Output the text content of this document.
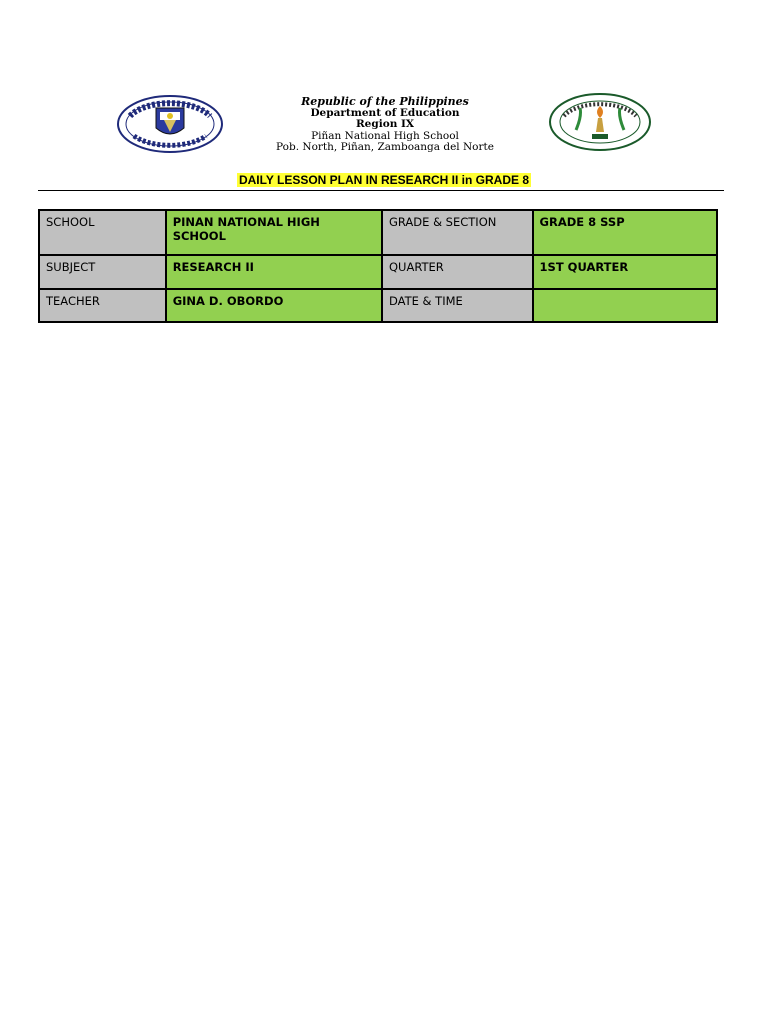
Republic of the Philippines
Department of Education
Region IX
Piñan National High School
Pob. North, Piñan, Zamboanga del Norte
DAILY LESSON PLAN IN RESEARCH II in GRADE 8
SCHOOL	PINAN NATIONAL HIGH SCHOOL	GRADE & SECTION	GRADE 8 SSP
SUBJECT	RESEARCH II	QUARTER	1ST QUARTER
TEACHER	GINA D. OBORDO	DATE & TIME	
